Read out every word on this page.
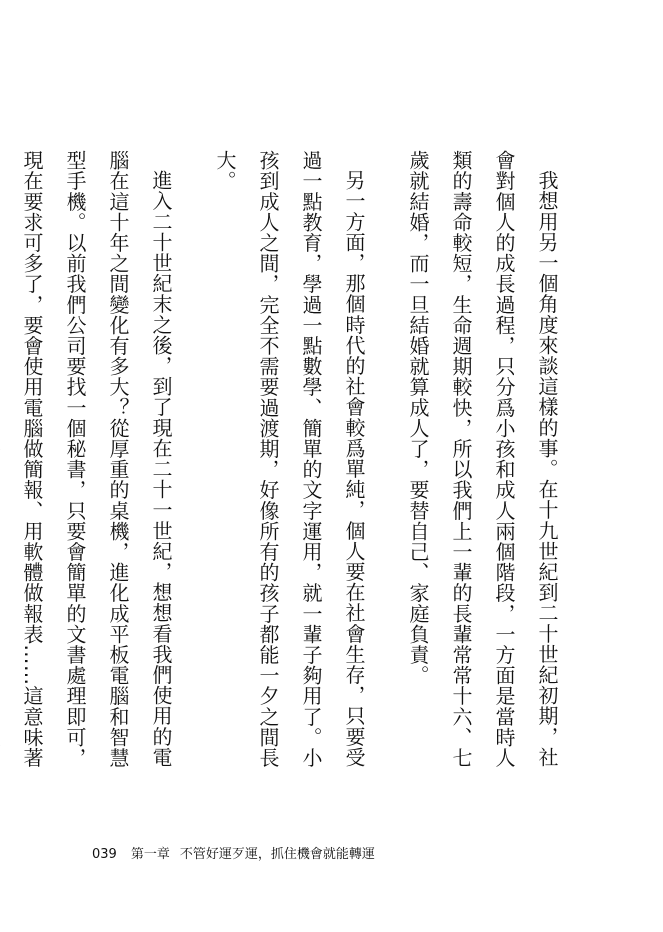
我想用另一個角度來談這樣的事。在十九世紀到二十世紀初期，社會對個人的成長過程，只分爲小孩和成人兩個階段，一方面是當時人類的壽命較短，生命週期較快，所以我們上一輩的長輩常常十六、七歲就結婚，而一旦結婚就算成人了，要替自己、家庭負責。

另一方面，那個時代的社會較爲單純，個人要在社會生存，只要受過一點教育，學過一點數學、簡單的文字運用，就一輩子夠用了。小孩到成人之間，完全不需要過渡期，好像所有的孩子都能一夕之間長大。

進入二十世紀末之後，到了現在二十一世紀，想想看我們使用的電腦在這十年之間變化有多大？從厚重的桌機，進化成平板電腦和智慧型手機。以前我們公司要找一個秘書，只要會簡單的文書處理即可，現在要求可多了，要會使用電腦做簡報、用軟體做報表……這意味著

039 第一章 不管好運歹運，抓住機會就能轉運
